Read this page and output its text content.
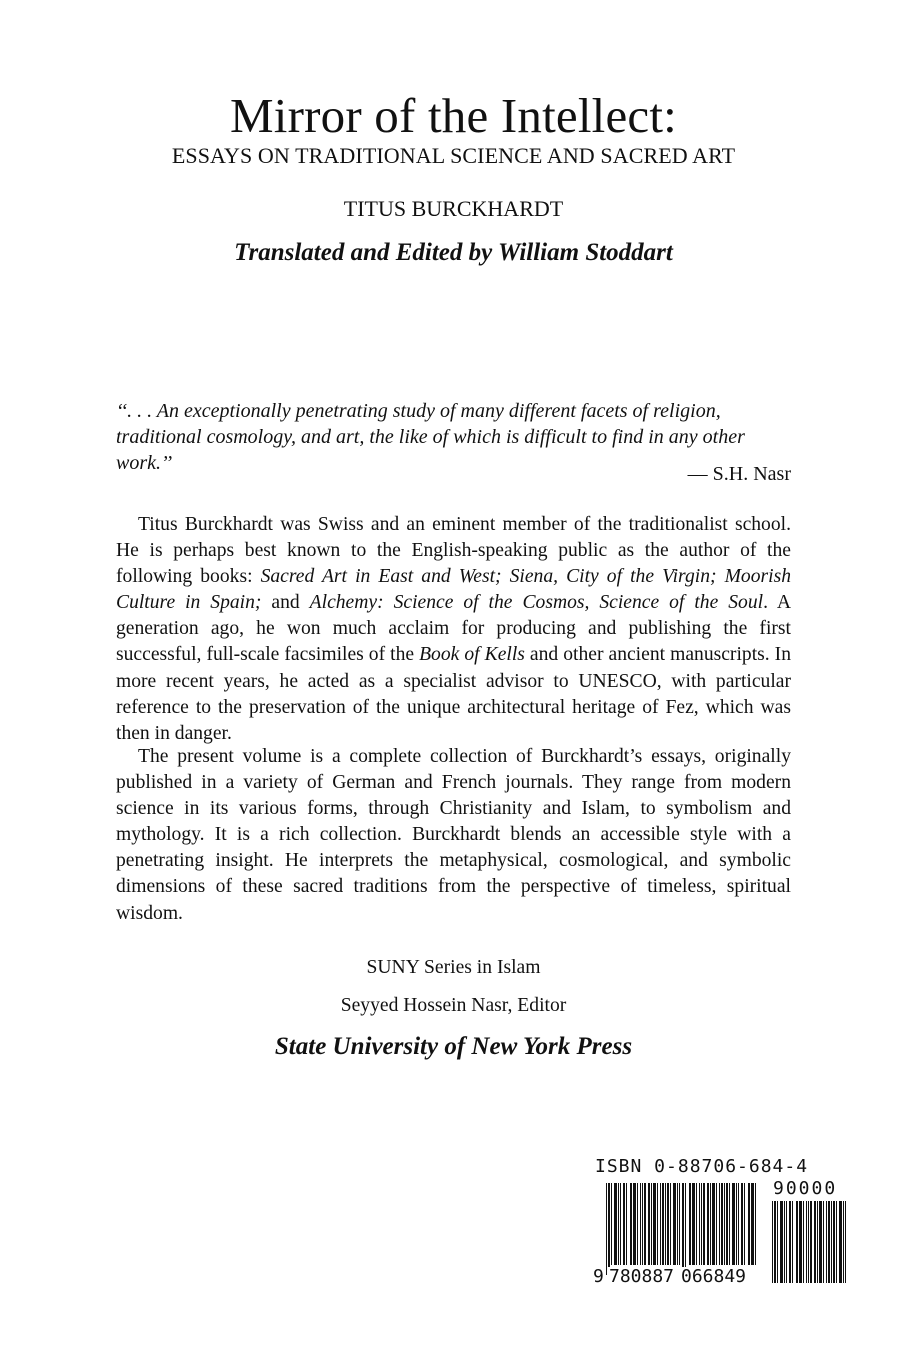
Mirror of the Intellect:
ESSAYS ON TRADITIONAL SCIENCE AND SACRED ART
TITUS BURCKHARDT
Translated and Edited by William Stoddart
‘‘. . . An exceptionally penetrating study of many different facets of religion, traditional cosmology, and art, the like of which is difficult to find in any other work.’’	— S.H. Nasr

Titus Burckhardt was Swiss and an eminent member of the traditionalist school. He is perhaps best known to the English-speaking public as the author of the following books: Sacred Art in East and West; Siena, City of the Virgin; Moorish Culture in Spain; and Alchemy: Science of the Cosmos, Science of the Soul. A generation ago, he won much acclaim for producing and publishing the first successful, full-scale facsimiles of the Book of Kells and other ancient manuscripts. In more recent years, he acted as a specialist advisor to UNESCO, with particular reference to the preservation of the unique architectural heritage of Fez, which was then in danger.

The present volume is a complete collection of Burckhardt’s essays, originally published in a variety of German and French journals. They range from modern science in its various forms, through Christianity and Islam, to symbolism and mythology. It is a rich collection. Burckhardt blends an accessible style with a penetrating insight. He interprets the metaphysical, cosmological, and symbolic dimensions of these sacred traditions from the perspective of timeless, spiritual wisdom.

SUNY Series in Islam
Seyyed Hossein Nasr, Editor
State University of New York Press
ISBN 0-88706-684-4
90000
9 780887 066849
